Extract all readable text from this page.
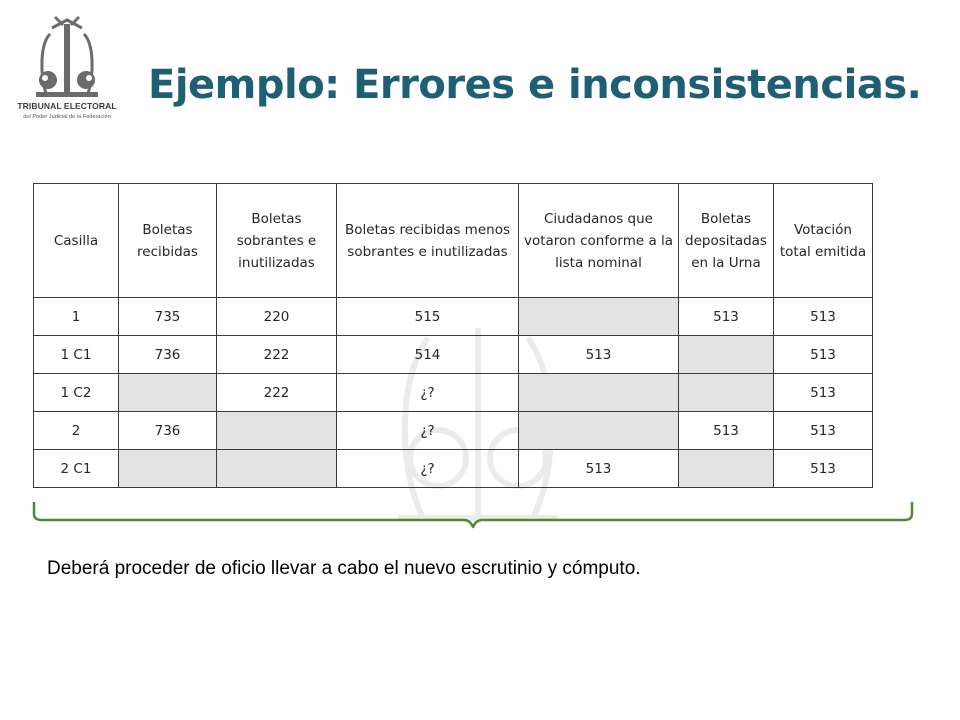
TRIBUNAL ELECTORAL
del Poder Judicial de la Federación
Ejemplo: Errores e inconsistencias.
Casilla	Boletas recibidas	Boletas sobrantes e inutilizadas	Boletas recibidas menos sobrantes e inutilizadas	Ciudadanos que votaron conforme a la lista nominal	Boletas depositadas en la Urna	Votación total emitida
1	735	220	515		513	513
1 C1	736	222	514	513		513
1 C2		222	¿?			513
2	736		¿?		513	513
2 C1			¿?	513		513

Deberá proceder de oficio llevar a cabo el nuevo escrutinio y cómputo.
